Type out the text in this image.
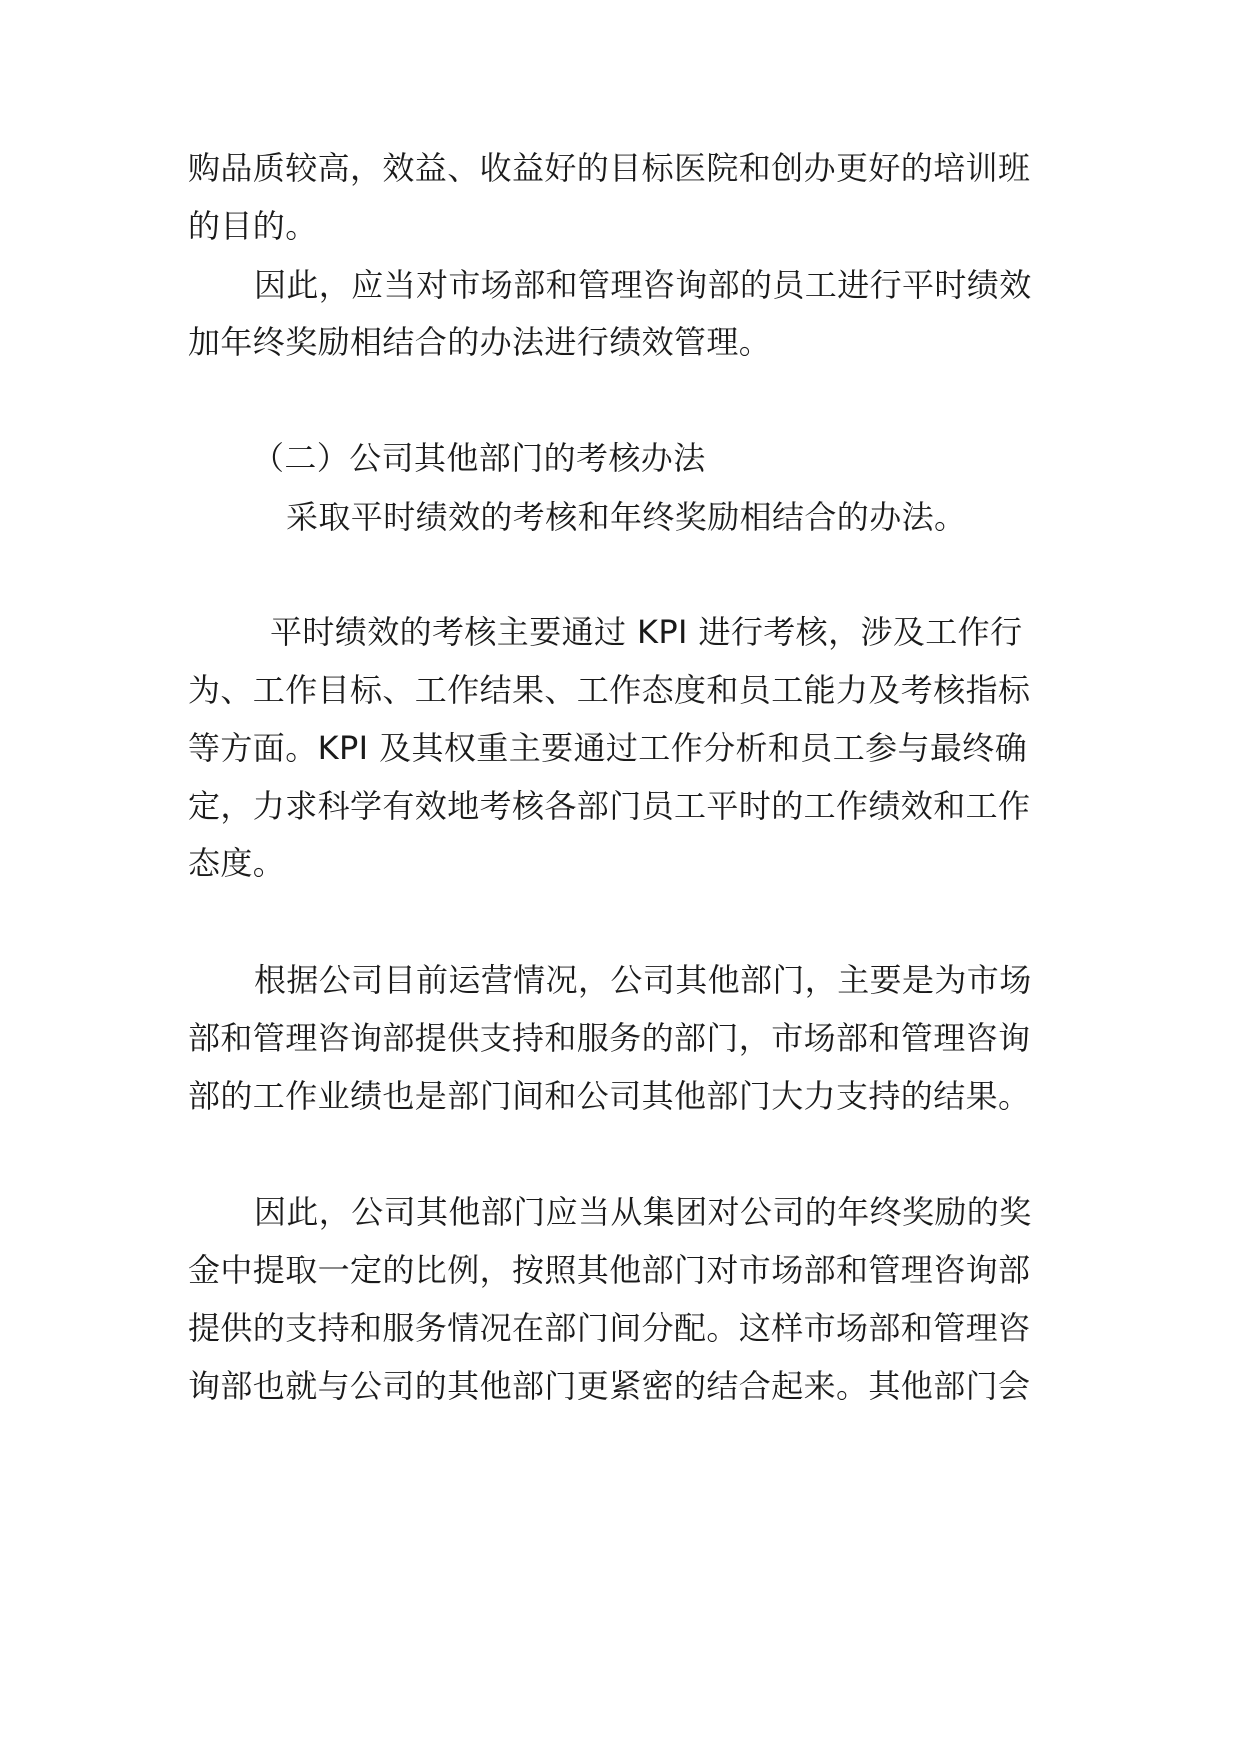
购品质较高，效益、收益好的目标医院和创办更好的培训班
的目的。
因此，应当对市场部和管理咨询部的员工进行平时绩效
加年终奖励相结合的办法进行绩效管理。
（二）公司其他部门的考核办法
采取平时绩效的考核和年终奖励相结合的办法。
平时绩效的考核主要通过 KPI 进行考核，涉及工作行
为、工作目标、工作结果、工作态度和员工能力及考核指标
等方面。KPI 及其权重主要通过工作分析和员工参与最终确
定，力求科学有效地考核各部门员工平时的工作绩效和工作
态度。
根据公司目前运营情况，公司其他部门，主要是为市场
部和管理咨询部提供支持和服务的部门，市场部和管理咨询
部的工作业绩也是部门间和公司其他部门大力支持的结果。
因此，公司其他部门应当从集团对公司的年终奖励的奖
金中提取一定的比例，按照其他部门对市场部和管理咨询部
提供的支持和服务情况在部门间分配。这样市场部和管理咨
询部也就与公司的其他部门更紧密的结合起来。其他部门会
